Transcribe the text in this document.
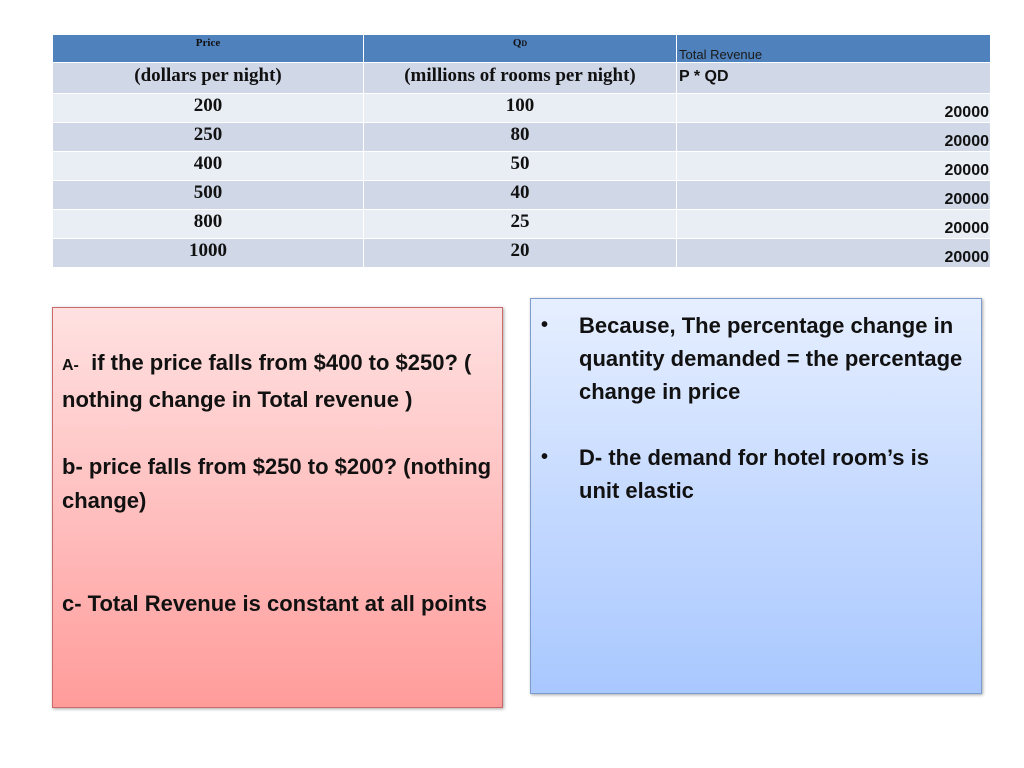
Price	QD	Total Revenue
(dollars per night)	(millions of rooms per night)	P * QD
200	100	20000
250	80	20000
400	50	20000
500	40	20000
800	25	20000
1000	20	20000

A- if the price falls from $400 to $250? ( nothing change in Total revenue )

b- price falls from $250 to $200? (nothing change)

c- Total Revenue is constant at all points

• Because, The percentage change in quantity demanded = the percentage change in price
• D- the demand for hotel room’s is unit elastic
